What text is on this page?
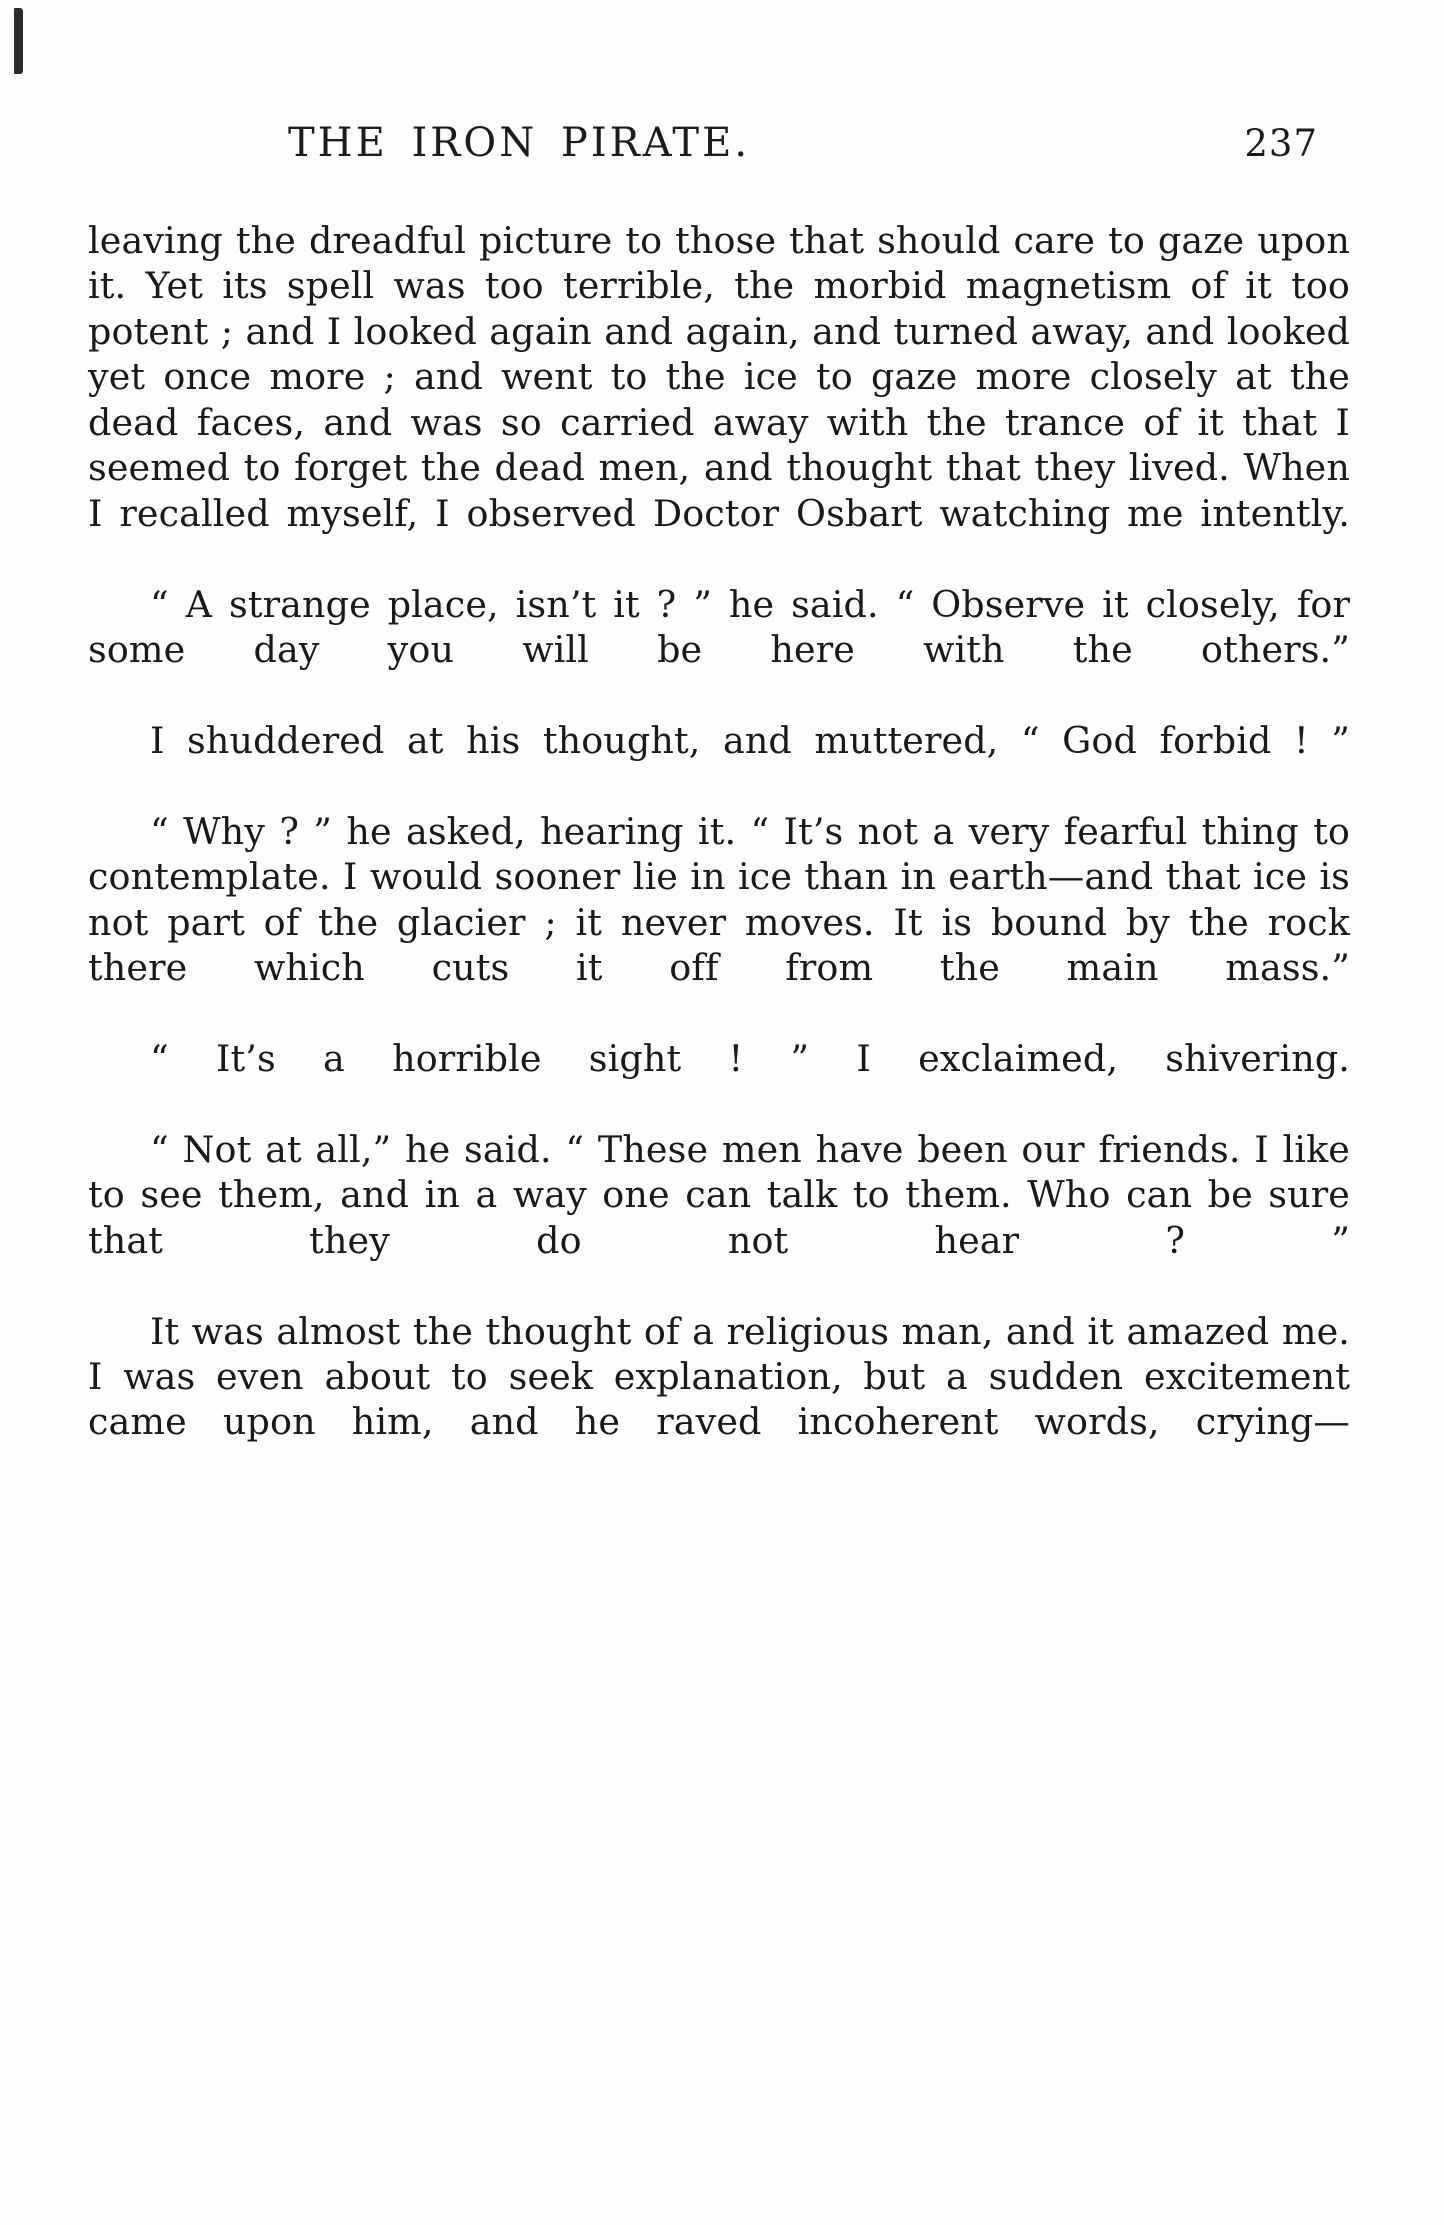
THE IRON PIRATE.	237

leaving the dreadful picture to those that should care to gaze upon it. Yet its spell was too terrible, the morbid magnetism of it too potent ; and I looked again and again, and turned away, and looked yet once more ; and went to the ice to gaze more closely at the dead faces, and was so carried away with the trance of it that I seemed to forget the dead men, and thought that they lived. When I recalled myself, I observed Doctor Osbart watching me intently.

“ A strange place, isn’t it ? ” he said. “ Observe it closely, for some day you will be here with the others.”

I shuddered at his thought, and muttered, “ God forbid ! ”

“ Why ? ” he asked, hearing it. “ It’s not a very fearful thing to contemplate. I would sooner lie in ice than in earth—and that ice is not part of the glacier ; it never moves. It is bound by the rock there which cuts it off from the main mass.”

“ It’s a horrible sight ! ” I exclaimed, shivering.

“ Not at all,” he said. “ These men have been our friends. I like to see them, and in a way one can talk to them. Who can be sure that they do not hear ? ”

It was almost the thought of a religious man, and it amazed me. I was even about to seek explanation, but a sudden excitement came upon him, and he raved incoherent words, crying—
